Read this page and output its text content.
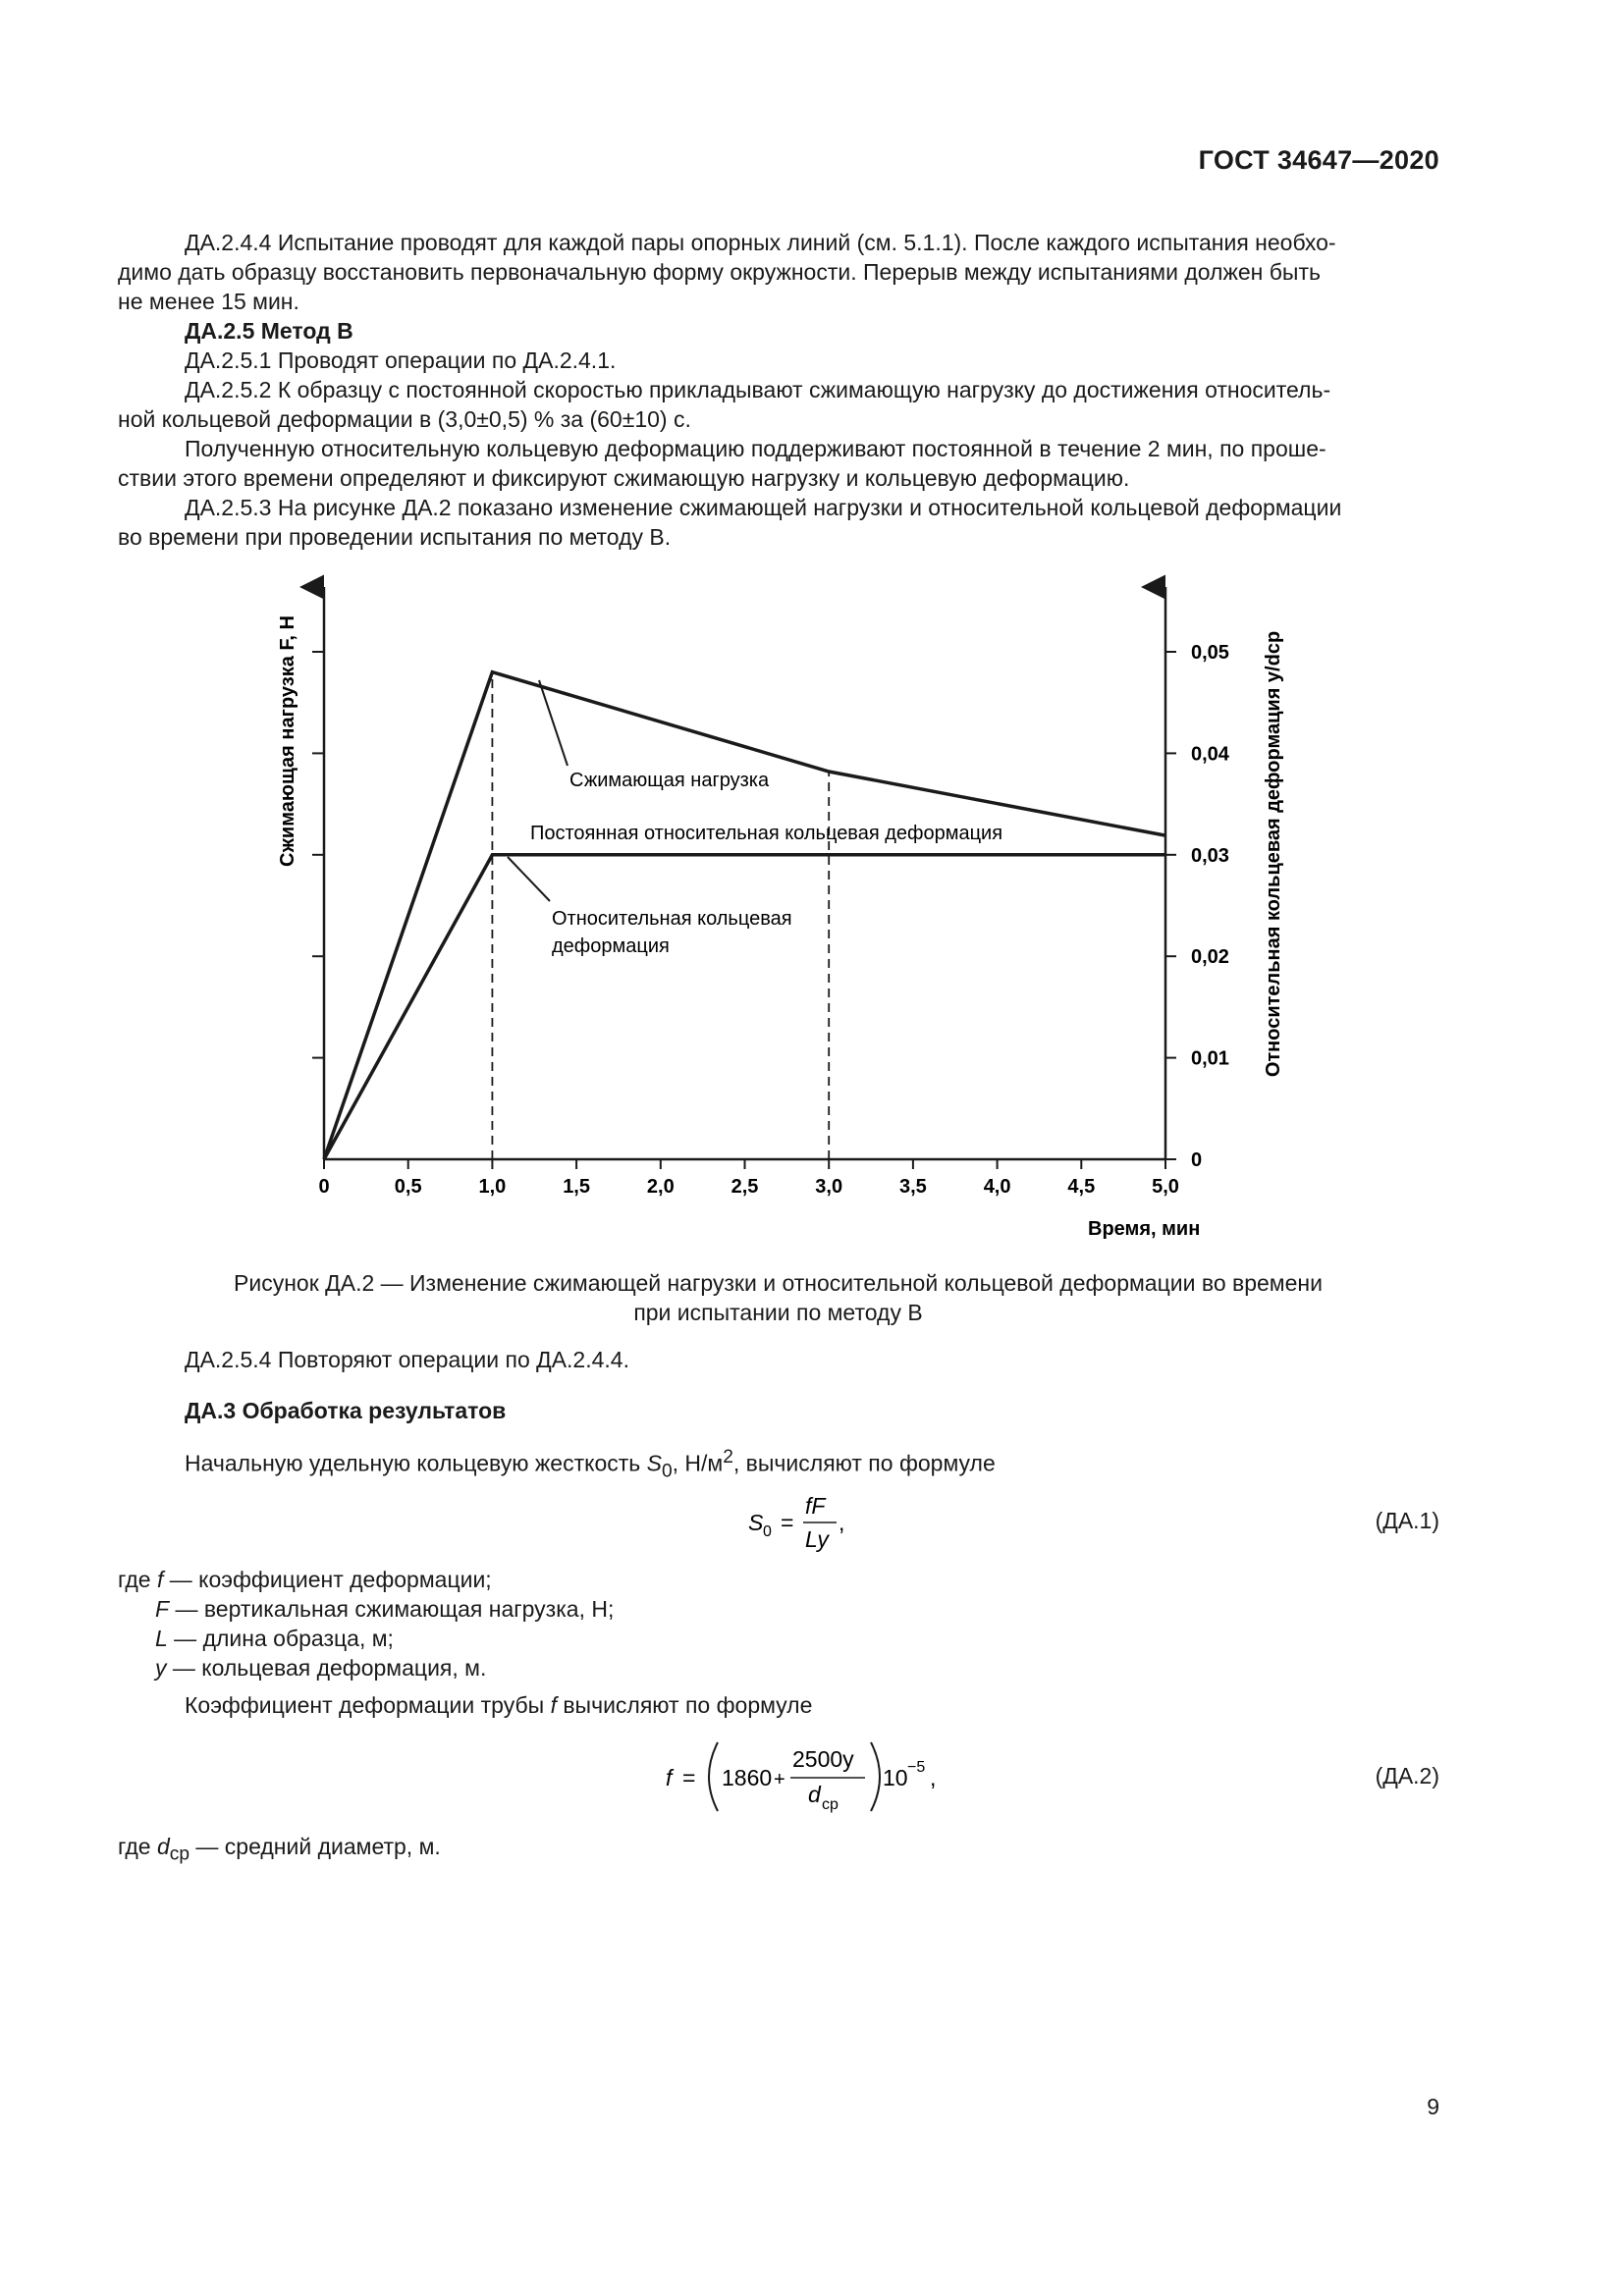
ГОСТ 34647—2020

ДА.2.4.4 Испытание проводят для каждой пары опорных линий (см. 5.1.1). После каждого испытания необхо-

димо дать образцу восстановить первоначальную форму окружности. Перерыв между испытаниями должен быть

не менее 15 мин.

ДА.2.5 Метод В

ДА.2.5.1 Проводят операции по ДА.2.4.1.

ДА.2.5.2 К образцу с постоянной скоростью прикладывают сжимающую нагрузку до достижения относитель-

ной кольцевой деформации в (3,0±0,5) % за (60±10) с.

Полученную относительную кольцевую деформацию поддерживают постоянной в течение 2 мин, по проше-

ствии этого времени определяют и фиксируют сжимающую нагрузку и кольцевую деформацию.

ДА.2.5.3 На рисунке ДА.2 показано изменение сжимающей нагрузки и относительной кольцевой деформации

во времени при проведении испытания по методу В.

0	0,5	1,0	1,5	2,0	2,5	3,0	3,5	4,0	4,5	5,0
0
0,01
0,02
0,03
0,04
0,05
Сжимающая нагрузка
Постоянная относительная кольцевая деформация
Относительная кольцевая
деформация
Время, мин
Сжимающая нагрузка F, Н	Относительная кольцевая деформация y/dср
Рисунок ДА.2 — Изменение сжимающей нагрузки и относительной кольцевой деформации во времени
при испытании по методу В

ДА.2.5.4 Повторяют операции по ДА.2.4.4.

ДА.3 Обработка результатов

Начальную удельную кольцевую жесткость $S_0$, $Н/м^2$, вычисляют по формуле

S 0 =
fF
Ly
,	(ДА.1)

где f — коэффициент деформации;

F — вертикальная сжимающая нагрузка, Н;

L — длина образца, м;

y — кольцевая деформация, м.

Коэффициент деформации трубы f вычисляют по формуле

f = 1860 +
2500y
d ср
10 −5 ,	(ДА.2)

где $d_{ср}$ — средний диаметр, м.

9
